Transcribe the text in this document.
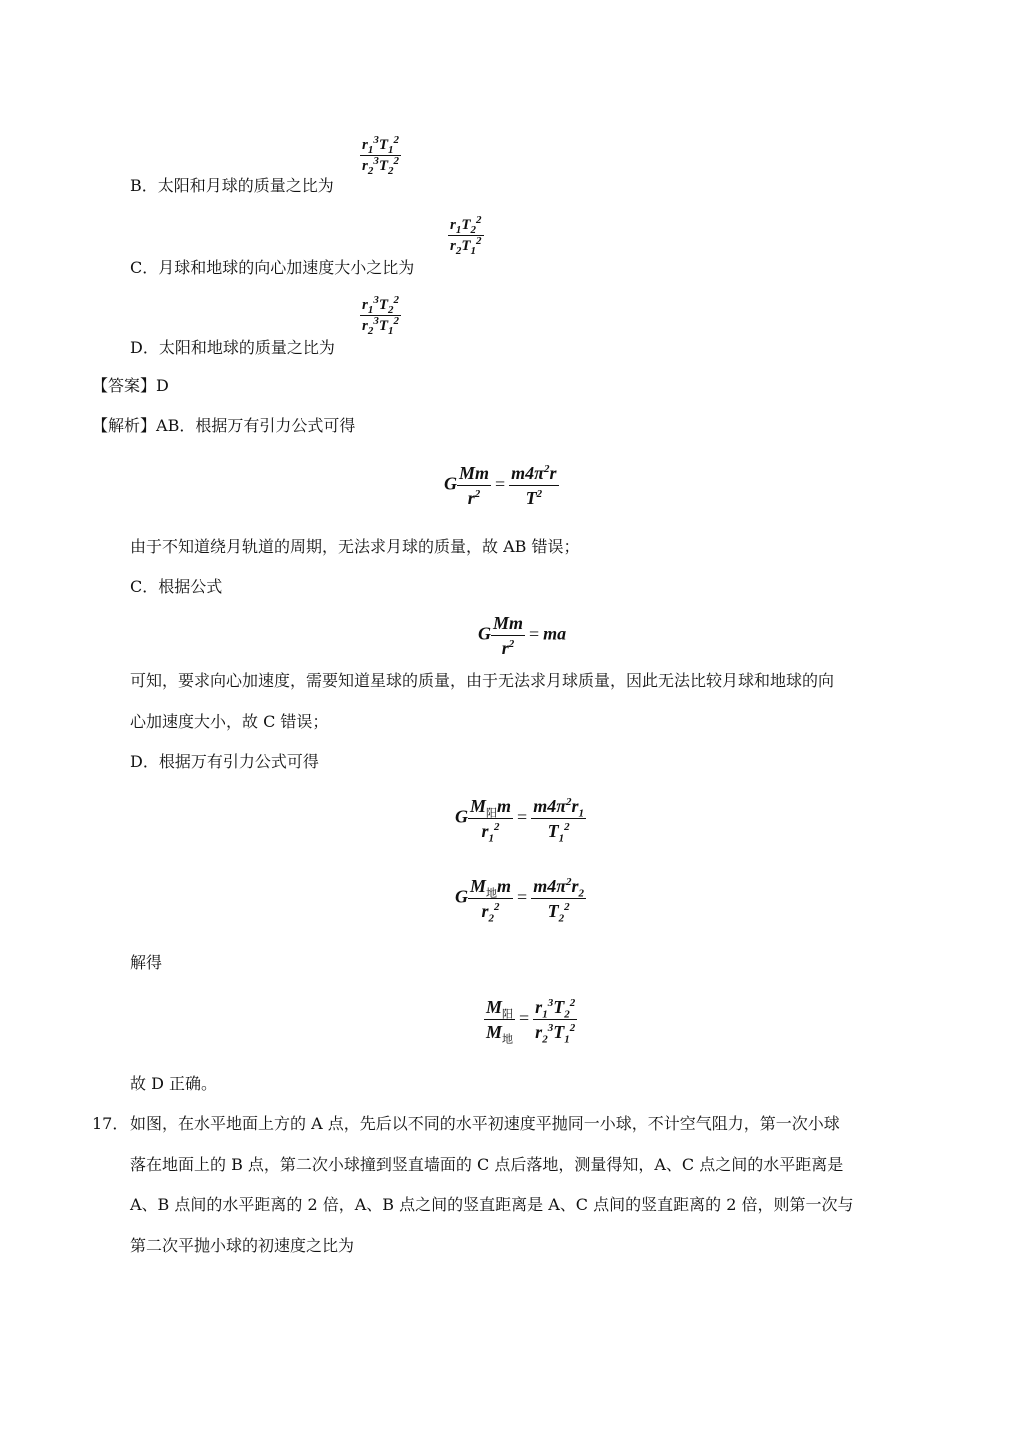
B．太阳和月球的质量之比为
$\frac{r_1^3T_1^2}{r_2^3T_2^2}$
C．月球和地球的向心加速度大小之比为
$\frac{r_1T_2^2}{r_2T_1^2}$
D．太阳和地球的质量之比为
$\frac{r_1^3T_2^2}{r_2^3T_1^2}$
【答案】D
【解析】AB．根据万有引力公式可得
G $\frac{Mm}{r^2} = \frac{m4\pi^2r}{T^2}$
由于不知道绕月轨道的周期，无法求月球的质量，故 AB 错误；
C．根据公式
G $\frac{Mm}{r^2}$ = ma
可知，要求向心加速度，需要知道星球的质量，由于无法求月球质量，因此无法比较月球和地球的向
心加速度大小，故 C 错误；
D．根据万有引力公式可得
G $\frac{M_阳m}{r_1^2} = \frac{m4\pi^2r_1}{T_1^2}$
G $\frac{M_地m}{r_2^2} = \frac{m4\pi^2r_2}{T_2^2}$
解得
$\frac{M_阳}{M_地} = \frac{r_1^3T_2^2}{r_2^3T_1^2}$
故 D 正确。
17． 如图，在水平地面上方的 A 点，先后以不同的水平初速度平抛同一小球，不计空气阻力，第一次小球
落在地面上的 B 点，第二次小球撞到竖直墙面的 C 点后落地，测量得知，A、C 点之间的水平距离是
A、B 点间的水平距离的 2 倍，A、B 点之间的竖直距离是 A、C 点间的竖直距离的 2 倍，则第一次与
第二次平抛小球的初速度之比为
